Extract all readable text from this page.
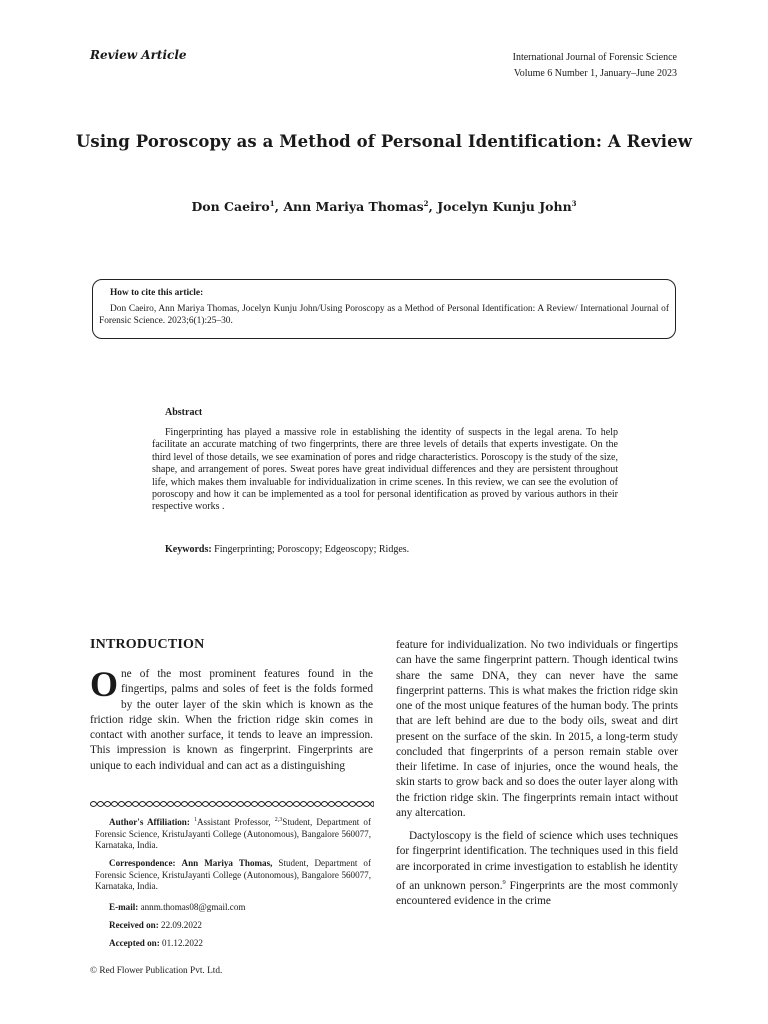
Review Article	International Journal of Forensic Science
Volume 6 Number 1, January–June 2023
Using Poroscopy as a Method of Personal Identification: A Review
Don Caeiro$^1$, Ann Mariya Thomas$^2$, Jocelyn Kunju John$^3$
How to cite this article:
Don Caeiro, Ann Mariya Thomas, Jocelyn Kunju John/Using Poroscopy as a Method of Personal Identification: A Review/ International Journal of Forensic Science. 2023;6(1):25–30.
Abstract
Fingerprinting has played a massive role in establishing the identity of suspects in the legal arena. To help facilitate an accurate matching of two fingerprints, there are three levels of details that experts investigate. On the third level of those details, we see examination of pores and ridge characteristics. Poroscopy is the study of the size, shape, and arrangement of pores. Sweat pores have great individual differences and they are persistent throughout life, which makes them invaluable for individualization in crime scenes. In this review, we can see the evolution of poroscopy and how it can be implemented as a tool for personal identification as proved by various authors in their respective works .
Keywords: Fingerprinting; Poroscopy; Edgeoscopy; Ridges.
INTRODUCTION
One of the most prominent features found in the fingertips, palms and soles of feet is the folds formed by the outer layer of the skin which is known as the friction ridge skin. When the friction ridge skin comes in contact with another surface, it tends to leave an impression. This impression is known as fingerprint. Fingerprints are unique to each individual and can act as a distinguishing
Author's Affiliation: $^1$Assistant Professor, $^{2,3}$Student, Department of Forensic Science, KristuJayanti College (Autonomous), Bangalore 560077, Karnataka, India.
Correspondence: Ann Mariya Thomas, Student, Department of Forensic Science, KristuJayanti College (Autonomous), Bangalore 560077, Karnataka, India.
E-mail: annm.thomas08@gmail.com
Received on: 22.09.2022
Accepted on: 01.12.2022

feature for individualization. No two individuals or fingertips can have the same fingerprint pattern. Though identical twins share the same DNA, they can never have the same fingerprint patterns. This is what makes the friction ridge skin one of the most unique features of the human body. The prints that are left behind are due to the body oils, sweat and dirt present on the surface of the skin. In 2015, a long-term study concluded that fingerprints of a person remain stable over their lifetime. In case of injuries, once the wound heals, the skin starts to grow back and so does the outer layer along with the friction ridge skin. The fingerprints remain intact without any altercation.

Dactyloscopy is the field of science which uses techniques for fingerprint identification. The techniques used in this field are incorporated in crime investigation to establish he identity of an unknown person.$^9$ Fingerprints are the most commonly encountered evidence in the crime

© Red Flower Publication Pvt. Ltd.
